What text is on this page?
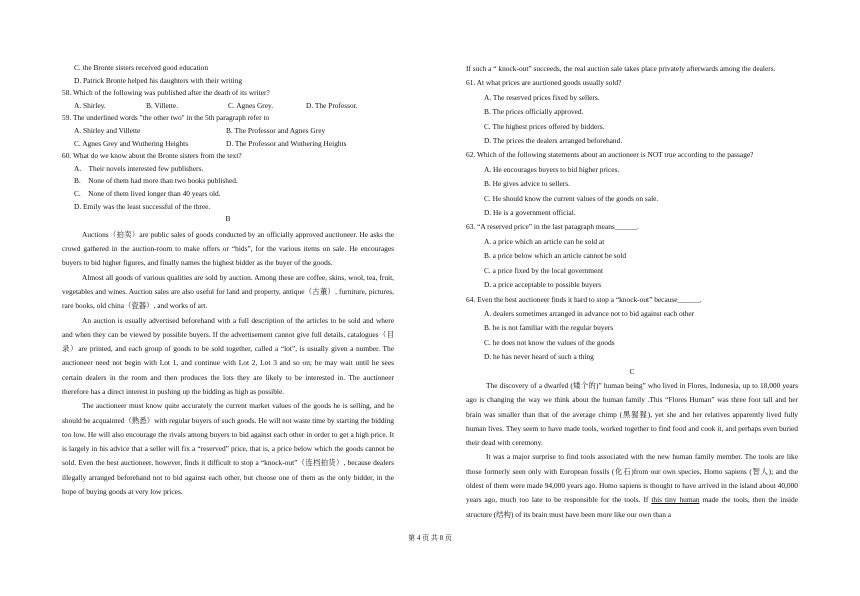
C. the Bronte sisters received good education
D. Patrick Bronte helped his daughters with their writing
58. Which of the following was published after the death of its writer?
A. Shirley.	B. Villette.	C. Agnes Grey.	D. The Professor.
59. The underlined words "the other two" in the 5th paragraph refer to
A. Shirley and Villette	B. The Professor and Agnes Grey
C. Agnes Grey and Wuthering Heights	D. The Professor and Wuthering Heights
60. What do we know about the Bronte sisters from the text?
A.    Their novels interested few publishers.
B.    None of them had more than two books published.
C.    None of them lived longer than 40 years old.
D. Emily was the least successful of the three.
B

Auctions（拍卖）are public sales of goods conducted by an officially approved auctioneer. He asks the crowd gathered in the auction-room to make offers or “bids”, for the various items on sale. He encourages buyers to bid higher figures, and finally names the highest bidder as the buyer of the goods.

Almost all goods of various qualities are sold by auction. Among these are coffee, skins, wool, tea, fruit, vegetables and wines. Auction sales are also useful for land and property, antique（古董）, furniture, pictures, rare books, old china（瓷器）, and works of art.

An auction is usually advertised beforehand with a full description of the articles to be sold and where and when they can be viewed by possible buyers. If the advertisement cannot give full details, catalogues（目录）are printed, and each group of goods to be sold together, called a “lot”, is usually given a number. The auctioneer need not begin with Lot 1, and continue with Lot 2, Lot 3 and so on; he may wait until he sees certain dealers in the room and then produces the lots they are likely to be interested in. The auctioneer therefore has a direct interest in pushing up the bidding as high as possible.

The auctioneer must know quite accurately the current market values of the goods he is selling, and he should be acquainted（熟悉）with regular buyers of such goods. He will not waste time by starting the bidding too low. He will also encourage the rivals among buyers to bid against each other in order to get a high price. It is largely in his advice that a seller will fix a “reserved” price, that is, a price below which the goods cannot be sold. Even the best auctioneer, however, finds it difficult to stop a “knock-out”（连档拍货）, because dealers illegally arranged beforehand not to bid against each other, but choose one of them as the only bidder, in the hope of buying goods at very low prices.

If such a “ knock-out” succeeds, the real auction sale takes place privately afterwards among the dealers.
61. At what prices are auctioned goods usually sold?
A. The reserved prices fixed by sellers.
B. The prices officially approved.
C. The highest prices offered by bidders.
D. The prices the dealers arranged beforehand.
62. Which of the following statements about an auctioneer is NOT true according to the passage?
A. He encourages buyers to bid higher prices.
B. He gives advice to sellers.
C. He should know the current values of the goods on sale.
D. He is a government official.
63. “A reserved price” in the last paragraph means______.
A. a price which an article can be sold at
B. a price below which an article cannot be sold
C. a price fixed by the local government
D. a price acceptable to possible buyers
64. Even the best auctioneer finds it hard to stop a “knock-out” because______.
A. dealers sometimes arranged in advance not to bid against each other
B. he is not familiar with the regular buyers
C. he does not know the values of the goods
D. he has never heard of such a thing
C

The discovery of a dwarfed (矮个的)” human being” who lived in Flores, Indonesia, up to 18,000 years ago is changing the way we think about the human family .This “Flores Human” was three foot tall and her brain was smaller than that of the average chimp (黑猩猩), yet she and her relatives apparently lived fully human lives. They seem to have made tools, worked together to find food and cook it, and perhaps even buried their dead with ceremony.

It was a major surprise to find tools associated with the new human family member. The tools are like those formerly seen only with European fossils (化石)from our own species, Homo sapiens (智人); and the oldest of them were made 94,000 years ago. Homo sapiens is thought to have arrived in the island about 40,000 years ago, much too late to be responsible for the tools. If this tiny human made the tools, then the inside structure (结构) of its brain must have been more like our own than a

第 4 页 共 8 页
